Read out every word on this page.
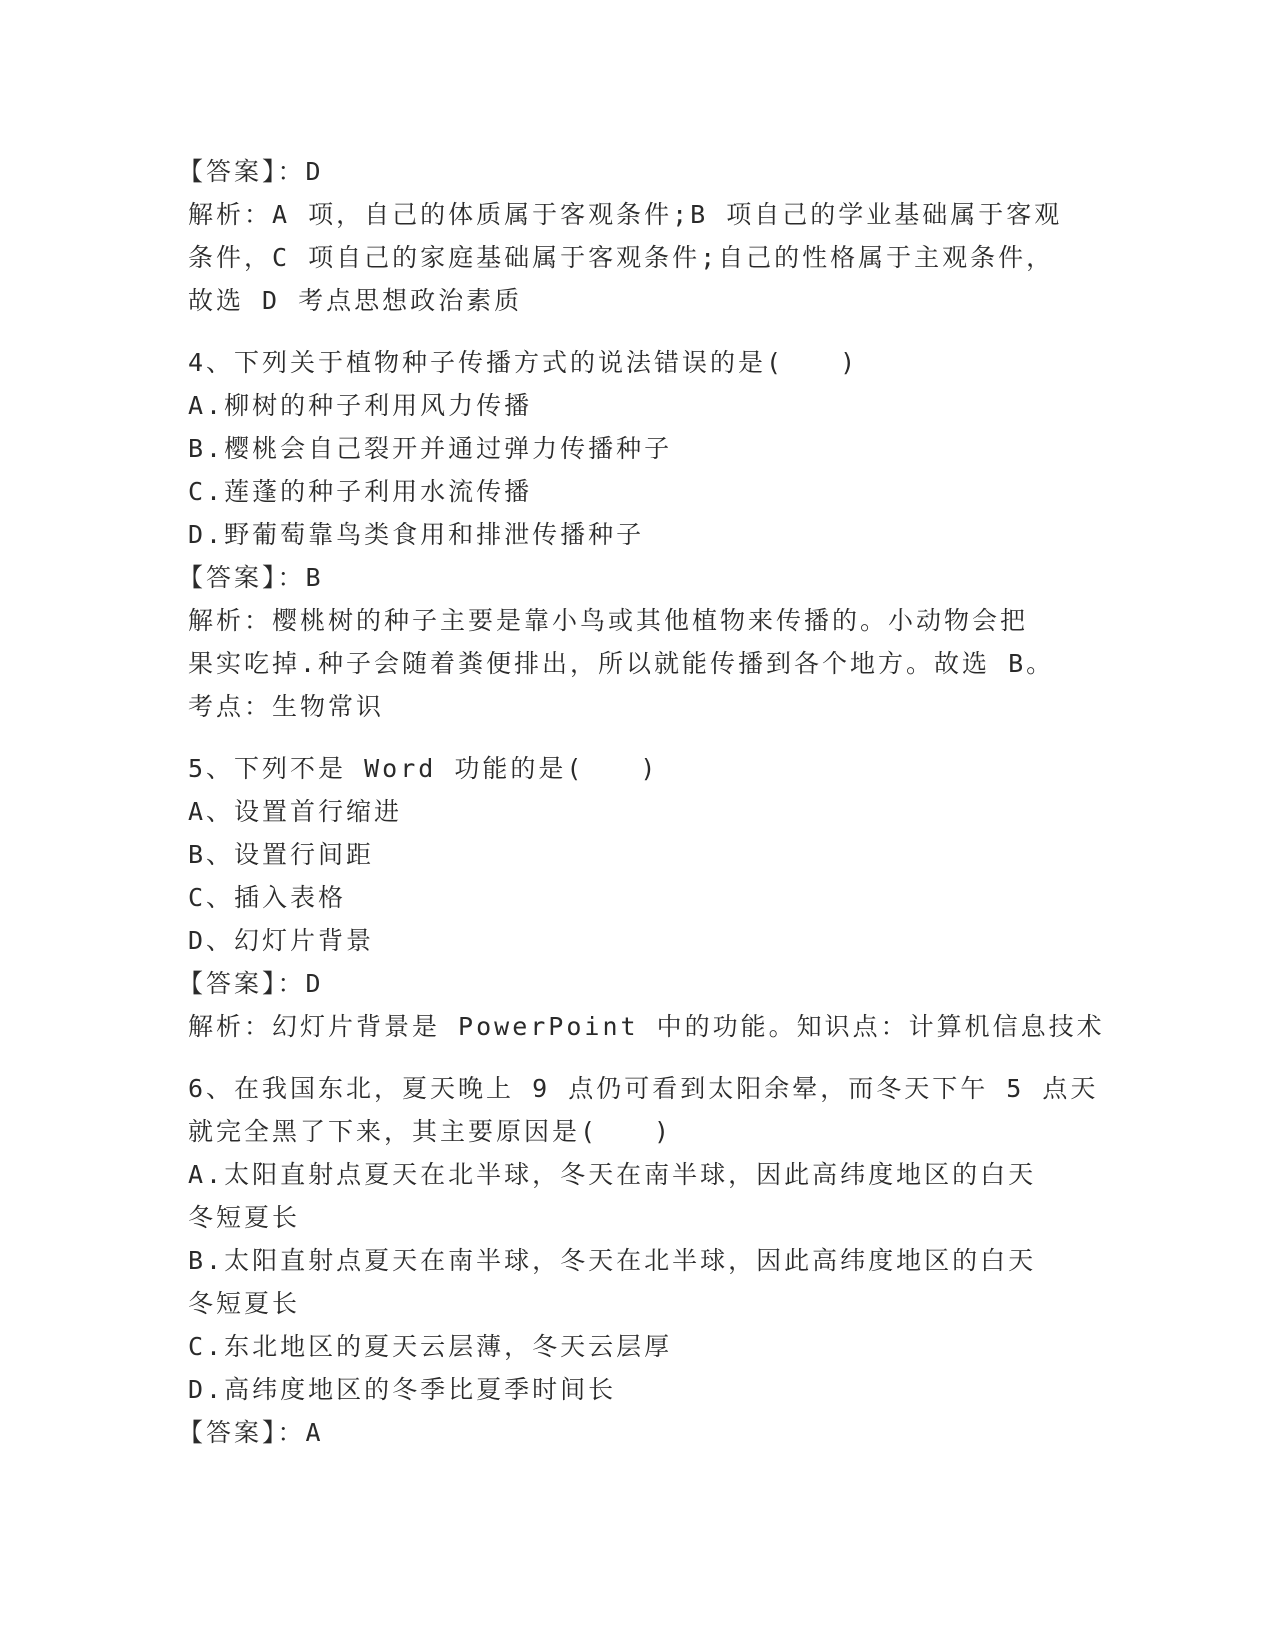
【答案】：D
解析：A 项，自己的体质属于客观条件;B 项自己的学业基础属于客观
条件，C 项自己的家庭基础属于客观条件;自己的性格属于主观条件，
故选 D 考点思想政治素质
4、下列关于植物种子传播方式的说法错误的是(　　)
A.柳树的种子利用风力传播
B.樱桃会自己裂开并通过弹力传播种子
C.莲蓬的种子利用水流传播
D.野葡萄靠鸟类食用和排泄传播种子
【答案】：B
解析：樱桃树的种子主要是靠小鸟或其他植物来传播的。小动物会把
果实吃掉.种子会随着粪便排出，所以就能传播到各个地方。故选 B。
考点：生物常识
5、下列不是 Word 功能的是(　　)
A、设置首行缩进
B、设置行间距
C、插入表格
D、幻灯片背景
【答案】：D
解析：幻灯片背景是 PowerPoint 中的功能。知识点：计算机信息技术
6、在我国东北，夏天晚上 9 点仍可看到太阳余晕，而冬天下午 5 点天
就完全黑了下来，其主要原因是(　　)
A.太阳直射点夏天在北半球，冬天在南半球，因此高纬度地区的白天
冬短夏长
B.太阳直射点夏天在南半球，冬天在北半球，因此高纬度地区的白天
冬短夏长
C.东北地区的夏天云层薄，冬天云层厚
D.高纬度地区的冬季比夏季时间长
【答案】：A
